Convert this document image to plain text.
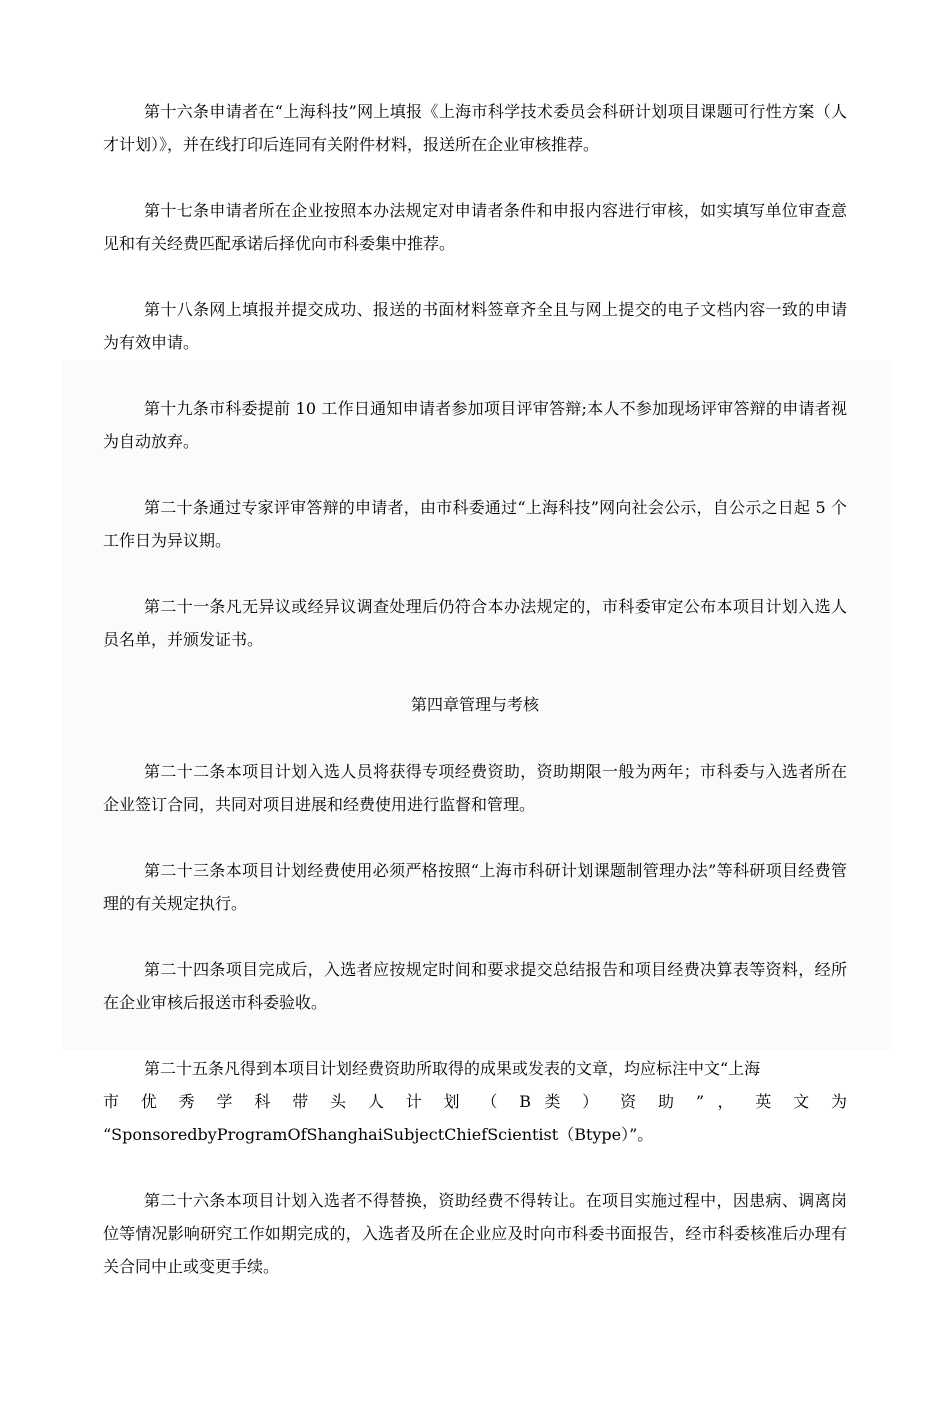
第十六条申请者在“上海科技”网上填报《上海市科学技术委员会科研计划项目课题可行性方案（人才计划）》，并在线打印后连同有关附件材料，报送所在企业审核推荐。

第十七条申请者所在企业按照本办法规定对申请者条件和申报内容进行审核，如实填写单位审查意见和有关经费匹配承诺后择优向市科委集中推荐。

第十八条网上填报并提交成功、报送的书面材料签章齐全且与网上提交的电子文档内容一致的申请为有效申请。

第十九条市科委提前 10 工作日通知申请者参加项目评审答辩;本人不参加现场评审答辩的申请者视为自动放弃。

第二十条通过专家评审答辩的申请者，由市科委通过“上海科技”网向社会公示，自公示之日起 5 个工作日为异议期。

第二十一条凡无异议或经异议调查处理后仍符合本办法规定的，市科委审定公布本项目计划入选人员名单，并颁发证书。

第四章管理与考核

第二十二条本项目计划入选人员将获得专项经费资助，资助期限一般为两年；市科委与入选者所在企业签订合同，共同对项目进展和经费使用进行监督和管理。

第二十三条本项目计划经费使用必须严格按照“上海市科研计划课题制管理办法”等科研项目经费管理的有关规定执行。

第二十四条项目完成后，入选者应按规定时间和要求提交总结报告和项目经费决算表等资料，经所在企业审核后报送市科委验收。

第二十五条凡得到本项目计划经费资助所取得的成果或发表的文章，均应标注中文“上海
市 优 秀 学 科 带 头 人 计 划 （ B 类 ） 资 助 ” ， 英 文 为
“SponsoredbyProgramOfShanghaiSubjectChiefScientist（Btype）”。

第二十六条本项目计划入选者不得替换，资助经费不得转让。在项目实施过程中，因患病、调离岗位等情况影响研究工作如期完成的，入选者及所在企业应及时向市科委书面报告，经市科委核准后办理有关合同中止或变更手续。
